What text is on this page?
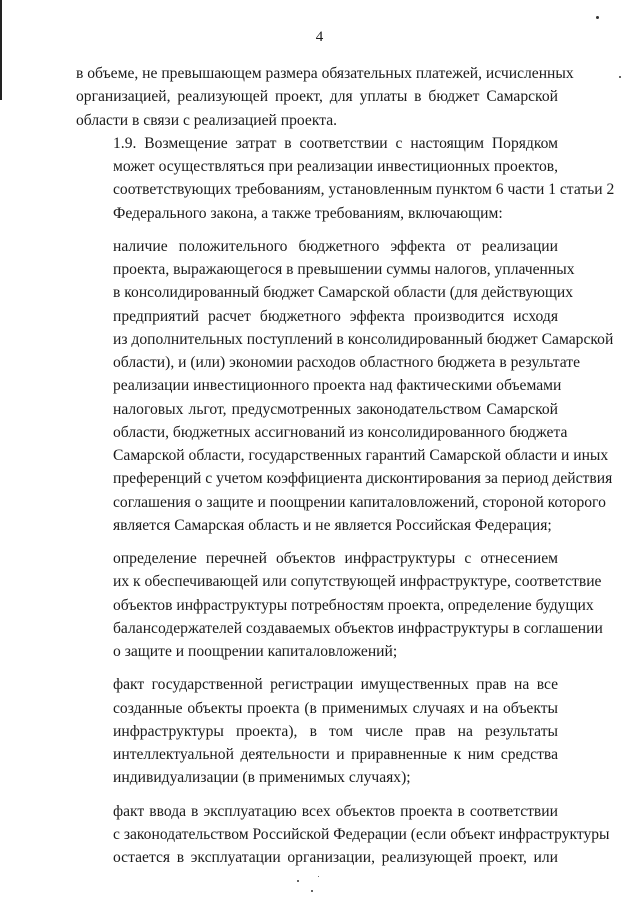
4

в объеме, не превышающем размера обязательных платежей, исчисленных
организацией, реализующей проект, для уплаты в бюджет Самарской
области в связи с реализацией проекта.

1.9. Возмещение затрат в соответствии с настоящим Порядком
может осуществляться при реализации инвестиционных проектов,
соответствующих требованиям, установленным пунктом 6 части 1 статьи 2
Федерального закона, а также требованиям, включающим:

наличие положительного бюджетного эффекта от реализации
проекта, выражающегося в превышении суммы налогов, уплаченных
в консолидированный бюджет Самарской области (для действующих
предприятий расчет бюджетного эффекта производится исходя
из дополнительных поступлений в консолидированный бюджет Самарской
области), и (или) экономии расходов областного бюджета в результате
реализации инвестиционного проекта над фактическими объемами
налоговых льгот, предусмотренных законодательством Самарской
области, бюджетных ассигнований из консолидированного бюджета
Самарской области, государственных гарантий Самарской области и иных
преференций с учетом коэффициента дисконтирования за период действия
соглашения о защите и поощрении капиталовложений, стороной которого
является Самарская область и не является Российская Федерация;

определение перечней объектов инфраструктуры с отнесением
их к обеспечивающей или сопутствующей инфраструктуре, соответствие
объектов инфраструктуры потребностям проекта, определение будущих
балансодержателей создаваемых объектов инфраструктуры в соглашении
о защите и поощрении капиталовложений;

факт государственной регистрации имущественных прав на все
созданные объекты проекта (в применимых случаях и на объекты
инфраструктуры проекта), в том числе прав на результаты
интеллектуальной деятельности и приравненные к ним средства
индивидуализации (в применимых случаях);

факт ввода в эксплуатацию всех объектов проекта в соответствии
с законодательством Российской Федерации (если объект инфраструктуры
остается в эксплуатации организации, реализующей проект, или
